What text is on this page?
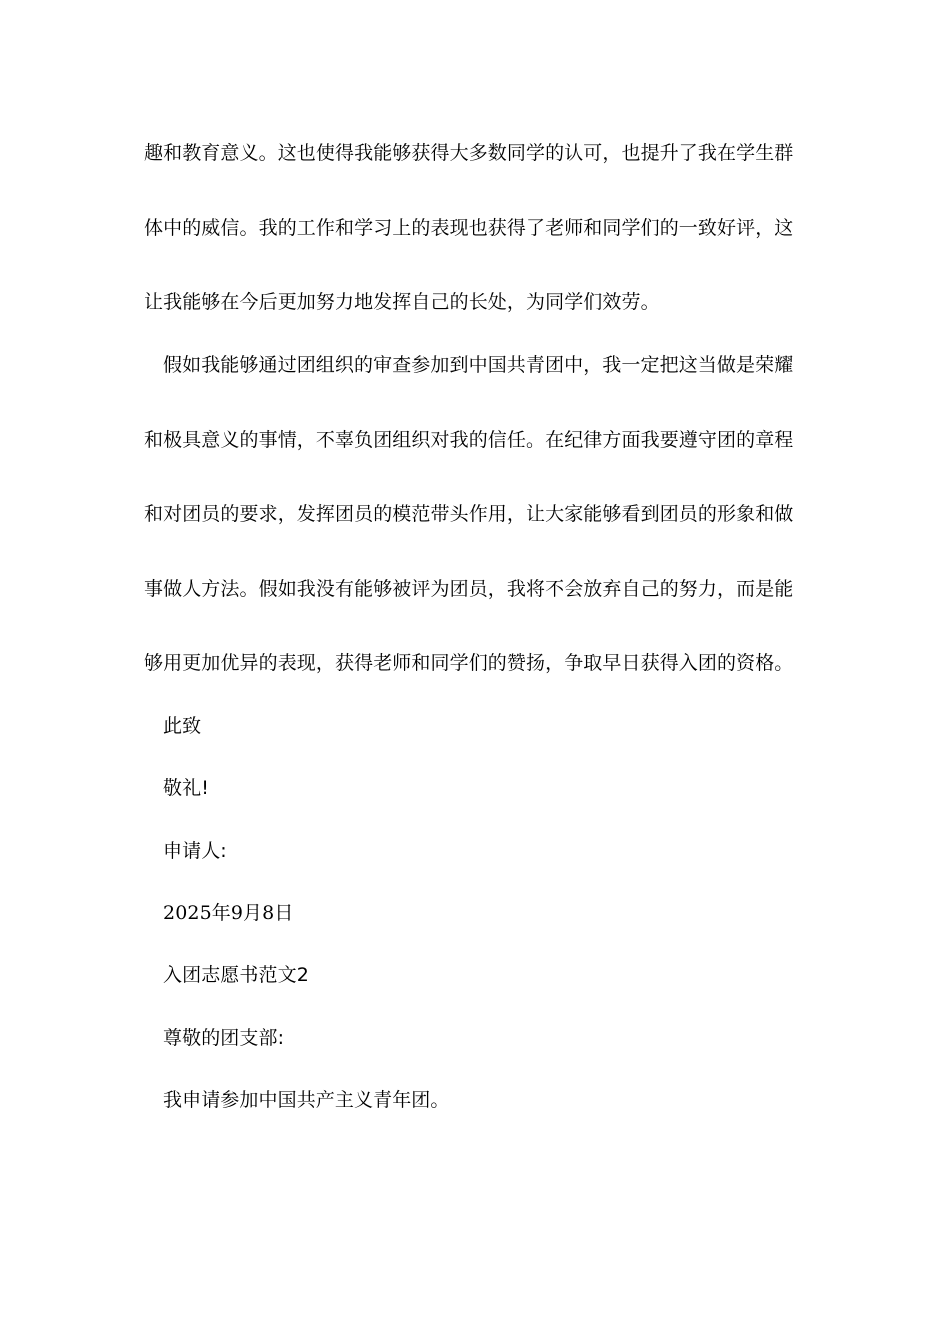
趣和教育意义。这也使得我能够获得大多数同学的认可，也提升了我在学生群
体中的威信。我的工作和学习上的表现也获得了老师和同学们的一致好评，这
让我能够在今后更加努力地发挥自己的长处，为同学们效劳。
假如我能够通过团组织的审查参加到中国共青团中，我一定把这当做是荣耀
和极具意义的事情，不辜负团组织对我的信任。在纪律方面我要遵守团的章程
和对团员的要求，发挥团员的模范带头作用，让大家能够看到团员的形象和做
事做人方法。假如我没有能够被评为团员，我将不会放弃自己的努力，而是能
够用更加优异的表现，获得老师和同学们的赞扬，争取早日获得入团的资格。
此致
敬礼!
申请人:
2025年9月8日
入团志愿书范文2
尊敬的团支部:
我申请参加中国共产主义青年团。
